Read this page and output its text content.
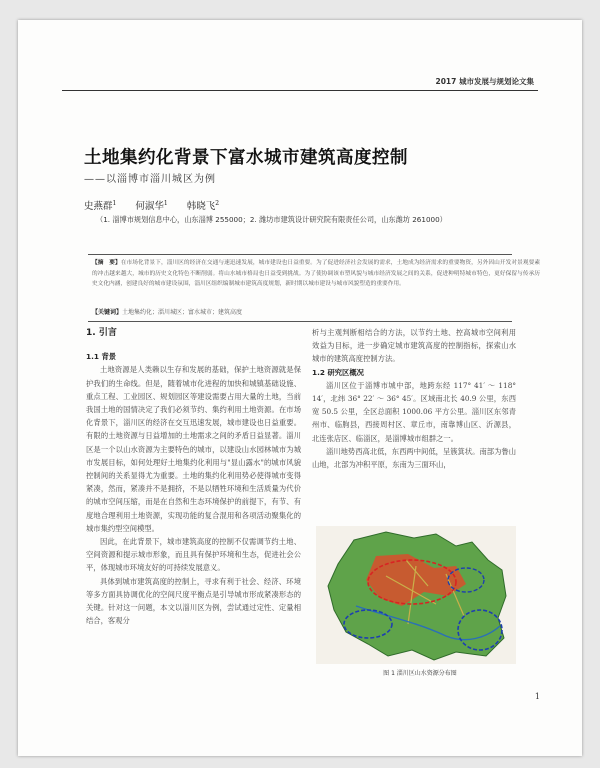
2017 城市发展与规划论文集
土地集约化背景下富水城市建筑高度控制
——以淄博市淄川城区为例
史燕群$^1$ 何淑华$^1$ 韩晓飞$^2$
（1. 淄博市规划信息中心，山东淄博 255000；2. 潍坊市建筑设计研究院有限责任公司，山东潍坊 261000）
【摘　要】在市场化背景下，淄川区的经济在交通与速迅速发展，城市建设也日益重要。为了促进经济社会发展的需求，土地成为经济需求的重要物资，另外因山开发对景观要素的冲击越来越大，城市的历史文化特色不断削弱。将山水城市格局也日益受到挑战。为了使协调该市塑风貌与城市经济发展之间的关系，促进种明特城市特色，更好保留与传承历史文化内涵，创建良好的城市建设氛围，淄川区组织编制城市建筑高度规划，新时期以城市建设与城市风貌塑造的重要作用。
【关键词】土地集约化；淄川城区；富水城市；建筑高度

1. 引言

1.1 背景

土地资源是人类赖以生存和发展的基础，保护土地资源就是保护我们的生命线。但是，随着城市化进程的加快和城镇基础设施、重点工程、工业园区、规划园区等建设需要占用大量的土地，当前我国土地的国情决定了我们必须节约、集约利用土地资源。在市场化背景下，淄川区的经济在交互迅速发展，城市建设也日益重要。有限的土地资源与日益增加的土地需求之间的矛盾日益显著。淄川区是一个以山水资源为主要特色的城市，以建设山水园林城市为城市发展目标，如何处理好土地集约化利用与"显山露水"的城市风貌控制间的关系显得尤为重要。土地的集约化利用势必使得城市变得紧凑，然而，紧凑并不是拥挤，不是以牺牲环境和生活质量为代价的城市空间压缩，而是在自然和生态环境保护的前提下，有节、有度地合理利用土地资源，实现功能的复合混用和各项活动聚集化的城市集约型空间模型。

因此，在此背景下，城市建筑高度的控制不仅需调节约土地、空间资源和提示城市形象，而且具有保护环境和生态，促进社会公平，体现城市环境友好的可持续发展意义。

具体到城市建筑高度的控制上，寻求有利于社会、经济、环境等多方面具协调优化的空间尺度平衡点是引导城市形成紧凑形态的关键。针对这一问题，本文以淄川区为例，尝试通过定性、定量相结合，客观分

析与主观判断相结合的方法，以节约土地、控高城市空间利用效益为目标，进一步确定城市建筑高度的控制指标，探索山水城市的建筑高度控制方法。

1.2 研究区概况

淄川区位于淄博市城中部，地跨东经 117° 41′ ～ 118° 14′，北纬 36° 22′ ～ 36° 45′。区域南北长 40.9 公里，东西宽 50.5 公里，全区总面积 1000.06 平方公里。淄川区东邻青州市、临朐县，西接周村区、章丘市，南靠博山区、沂源县，北连张店区、临淄区，是淄博城市组群之一。

淄川地势西高北低，东西两中间低，呈簇箕状。南部为鲁山山地，北部为冲积平原，东南为三面环山，

图 1 淄川区山水资源分布图
1
